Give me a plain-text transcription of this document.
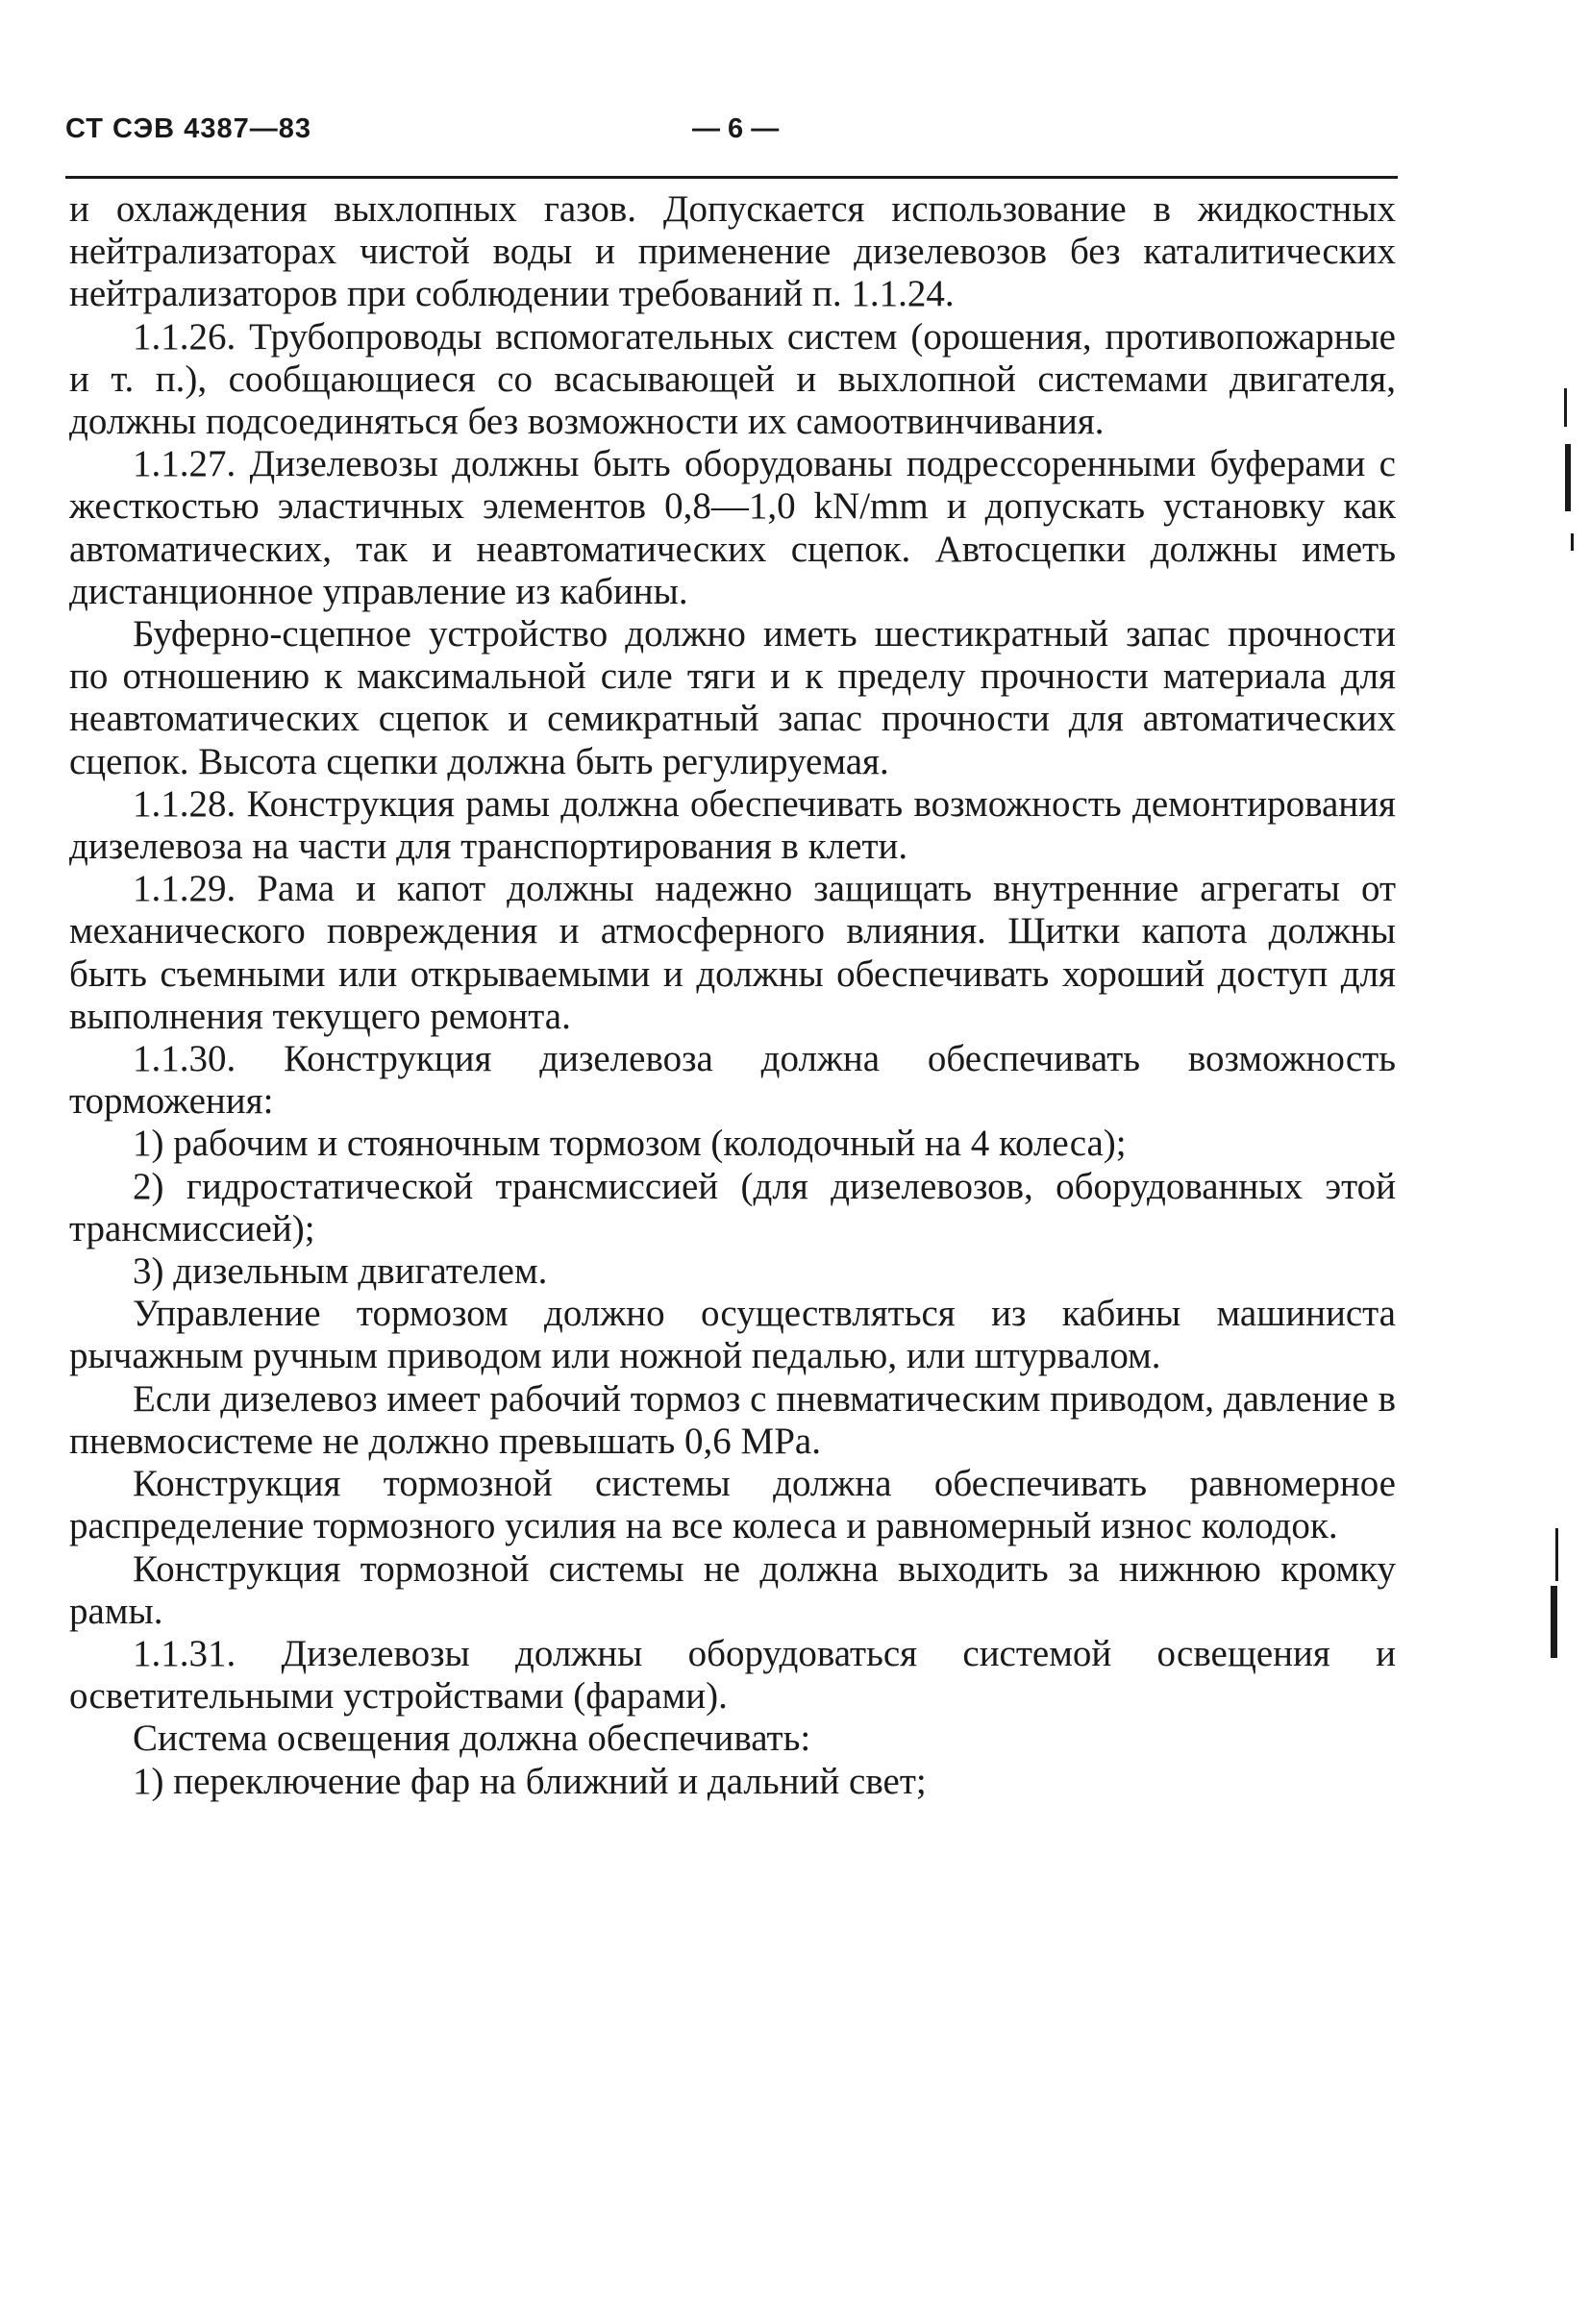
СТ СЭВ 4387—83	— 6 —

и охлаждения выхлопных газов. Допускается использование в жидкостных нейтрализаторах чистой воды и применение дизелевозов без каталитических нейтрализаторов при соблюдении требований п. 1.1.24.

1.1.26. Трубопроводы вспомогательных систем (орошения, противопожарные и т. п.), сообщающиеся со всасывающей и выхлопной системами двигателя, должны подсоединяться без возможности их самоотвинчивания.

1.1.27. Дизелевозы должны быть оборудованы подрессоренными буферами с жесткостью эластичных элементов 0,8—1,0 kN/mm и допускать установку как автоматических, так и неавтоматических сцепок. Автосцепки должны иметь дистанционное управление из кабины.

Буферно-сцепное устройство должно иметь шестикратный запас прочности по отношению к максимальной силе тяги и к пределу прочности материала для неавтоматических сцепок и семикратный запас прочности для автоматических сцепок. Высота сцепки должна быть регулируемая.

1.1.28. Конструкция рамы должна обеспечивать возможность демонтирования дизелевоза на части для транспортирования в клети.

1.1.29. Рама и капот должны надежно защищать внутренние агрегаты от механического повреждения и атмосферного влияния. Щитки капота должны быть съемными или открываемыми и должны обеспечивать хороший доступ для выполнения текущего ремонта.

1.1.30. Конструкция дизелевоза должна обеспечивать возможность торможения:

1) рабочим и стояночным тормозом (колодочный на 4 колеса);

2) гидростатической трансмиссией (для дизелевозов, оборудованных этой трансмиссией);

3) дизельным двигателем.

Управление тормозом должно осуществляться из кабины машиниста рычажным ручным приводом или ножной педалью, или штурвалом.

Если дизелевоз имеет рабочий тормоз с пневматическим приводом, давление в пневмосистеме не должно превышать 0,6 MPa.

Конструкция тормозной системы должна обеспечивать равномерное распределение тормозного усилия на все колеса и равномерный износ колодок.

Конструкция тормозной системы не должна выходить за нижнюю кромку рамы.

1.1.31. Дизелевозы должны оборудоваться системой освещения и осветительными устройствами (фарами).

Система освещения должна обеспечивать:

1) переключение фар на ближний и дальний свет;
